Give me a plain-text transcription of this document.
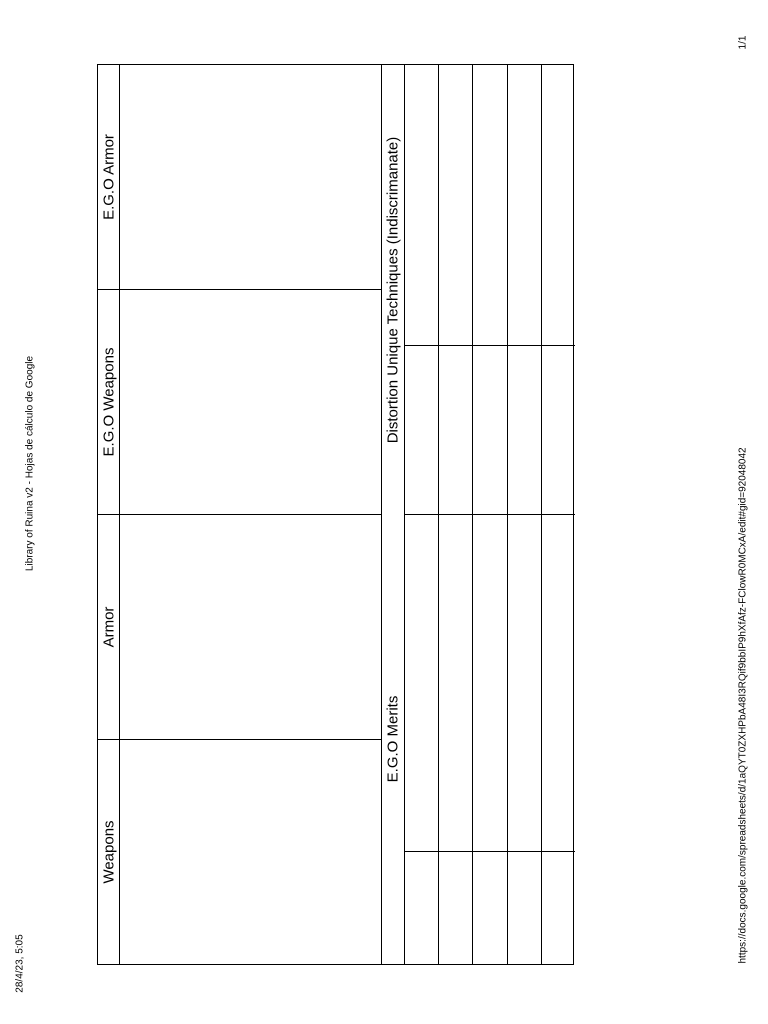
28/4/23, 5:05
Library of Ruina v2 - Hojas de cálculo de Google	https://docs.google.com/spreadsheets/d/1aQYT0ZXHPbA48I3RQif9bbIP9hXfAfz-FClowR0MCxA/edit#gid=92048042
1/1
E.G.O Armor
E.G.O Weapons
Armor
Weapons
Distortion Unique Techniques (Indiscrimanate)
E.G.O Merits
